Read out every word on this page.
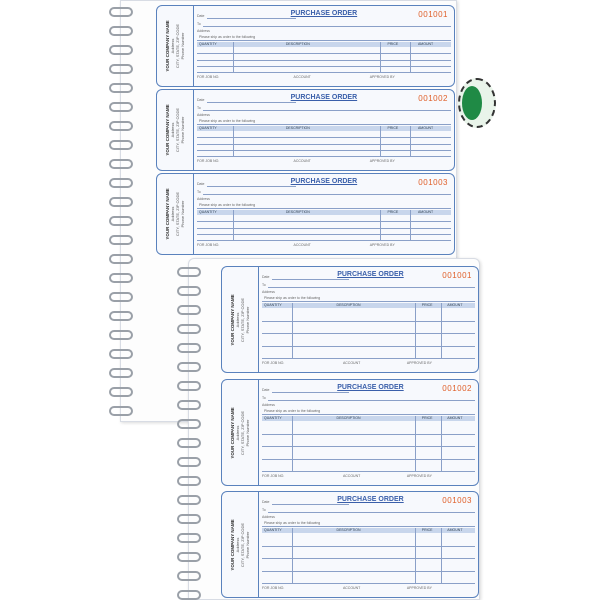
YOUR COMPANY NAME
Address
CITY, STATE, ZIP CODE
Phone Number
PURCHASE ORDER	001001
Date
To
Address
Please ship as order to the following
QUANTITY	DESCRIPTION	PRICE	AMOUNT
FOR JOB NO.	ACCOUNT	APPROVED BY
YOUR COMPANY NAME
Address
CITY, STATE, ZIP CODE
Phone Number
PURCHASE ORDER	001002
Date
To
Address
Please ship as order to the following
QUANTITY	DESCRIPTION	PRICE	AMOUNT
FOR JOB NO.	ACCOUNT	APPROVED BY
YOUR COMPANY NAME
Address
CITY, STATE, ZIP CODE
Phone Number
PURCHASE ORDER	001003
Date
To
Address
Please ship as order to the following
QUANTITY	DESCRIPTION	PRICE	AMOUNT
FOR JOB NO.	ACCOUNT	APPROVED BY
YOUR COMPANY NAME
Address
CITY, STATE, ZIP CODE
Phone Number
PURCHASE ORDER	001001
Date
To
Address
Please ship as order to the following
QUANTITY	DESCRIPTION	PRICE	AMOUNT
FOR JOB NO.	ACCOUNT	APPROVED BY
YOUR COMPANY NAME
Address
CITY, STATE, ZIP CODE
Phone Number
PURCHASE ORDER	001002
Date
To
Address
Please ship as order to the following
QUANTITY	DESCRIPTION	PRICE	AMOUNT
FOR JOB NO.	ACCOUNT	APPROVED BY
YOUR COMPANY NAME
Address
CITY, STATE, ZIP CODE
Phone Number
PURCHASE ORDER	001003
Date
To
Address
Please ship as order to the following
QUANTITY	DESCRIPTION	PRICE	AMOUNT
FOR JOB NO.	ACCOUNT	APPROVED BY
